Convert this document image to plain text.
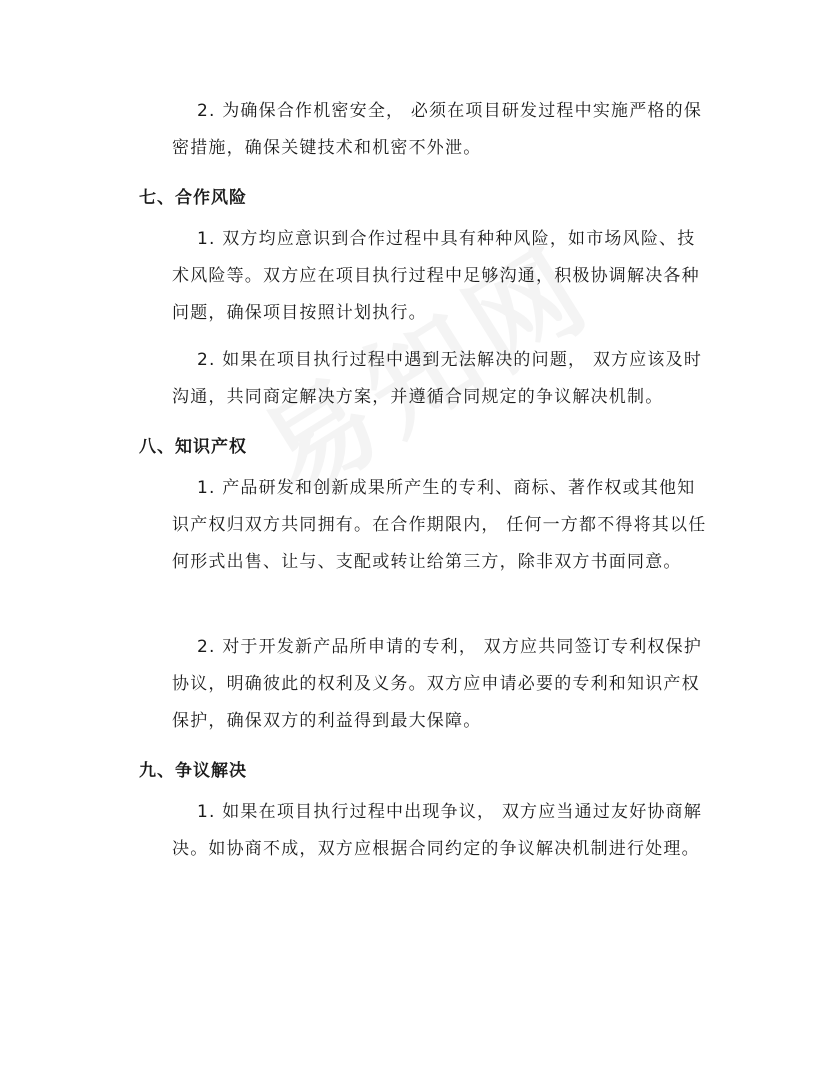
2. 为确保合作机密安全， 必须在项目研发过程中实施严格的保密措施，确保关键技术和机密不外泄。

七、合作风险

1. 双方均应意识到合作过程中具有种种风险，如市场风险、技术风险等。双方应在项目执行过程中足够沟通，积极协调解决各种问题，确保项目按照计划执行。

2. 如果在项目执行过程中遇到无法解决的问题， 双方应该及时沟通，共同商定解决方案，并遵循合同规定的争议解决机制。

八、知识产权

1. 产品研发和创新成果所产生的专利、商标、著作权或其他知识产权归双方共同拥有。在合作期限内， 任何一方都不得将其以任何形式出售、让与、支配或转让给第三方，除非双方书面同意。

2. 对于开发新产品所申请的专利， 双方应共同签订专利权保护协议，明确彼此的权利及义务。双方应申请必要的专利和知识产权保护，确保双方的利益得到最大保障。

九、争议解决

1. 如果在项目执行过程中出现争议， 双方应当通过友好协商解决。如协商不成，双方应根据合同约定的争议解决机制进行处理。
